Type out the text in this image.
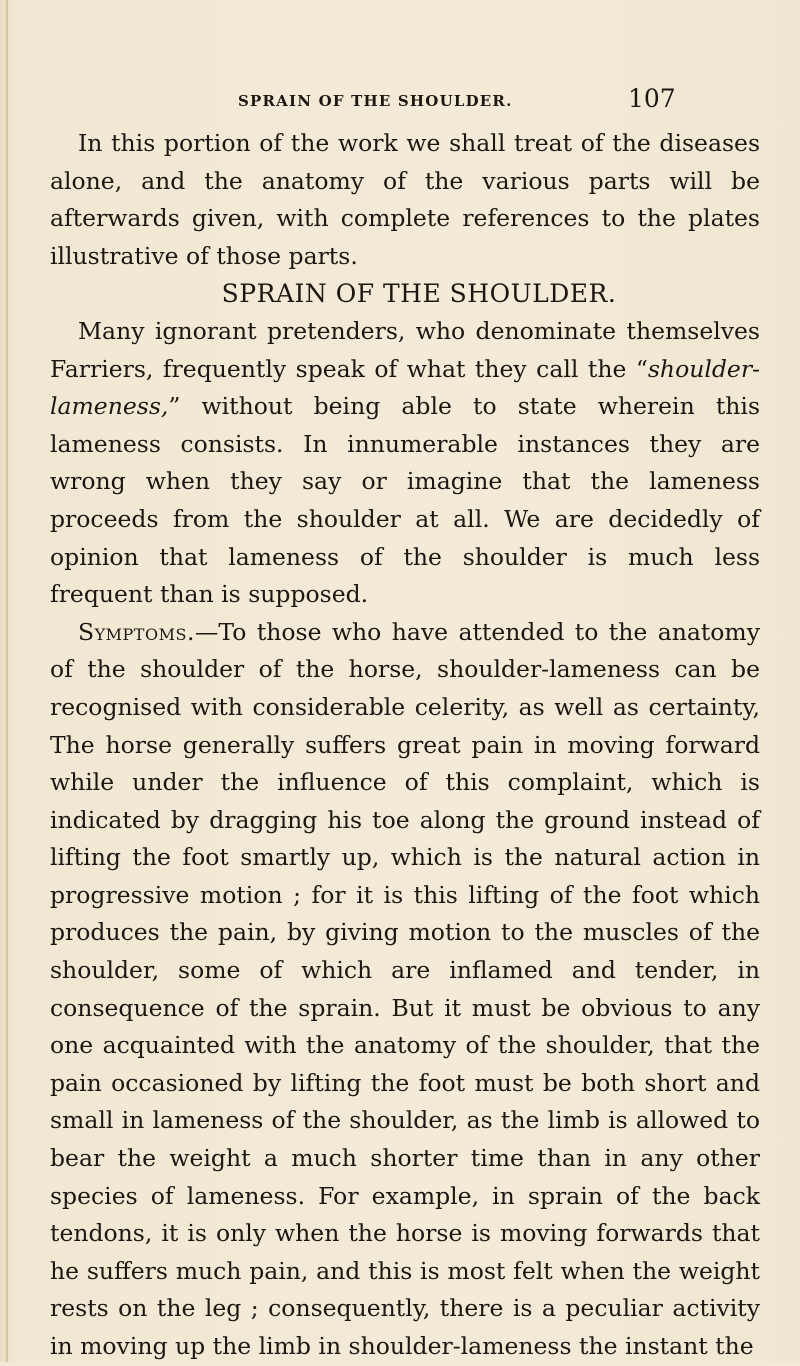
SPRAIN OF THE SHOULDER.	107

In this portion of the work we shall treat of the diseases alone, and the anatomy of the various parts will be afterwards given, with complete references to the plates illustrative of those parts.

SPRAIN OF THE SHOULDER.

Many ignorant pretenders, who denominate themselves Farriers, frequently speak of what they call the “shoulder-lameness,” without being able to state wherein this lameness consists. In innumerable instances they are wrong when they say or imagine that the lameness proceeds from the shoulder at all. We are decidedly of opinion that lameness of the shoulder is much less frequent than is supposed.

Symptoms.—To those who have attended to the anatomy of the shoulder of the horse, shoulder-lameness can be recognised with considerable celerity, as well as certainty, The horse generally suffers great pain in moving forward while under the influence of this complaint, which is indicated by dragging his toe along the ground instead of lifting the foot smartly up, which is the natural action in progressive motion ; for it is this lifting of the foot which produces the pain, by giving motion to the muscles of the shoulder, some of which are inflamed and tender, in consequence of the sprain. But it must be obvious to any one acquainted with the anatomy of the shoulder, that the pain occasioned by lifting the foot must be both short and small in lameness of the shoulder, as the limb is allowed to bear the weight a much shorter time than in any other species of lameness. For example, in sprain of the back tendons, it is only when the horse is moving forwards that he suffers much pain, and this is most felt when the weight rests on the leg ; consequently, there is a peculiar activity in moving up the limb in shoulder-lameness the instant the
